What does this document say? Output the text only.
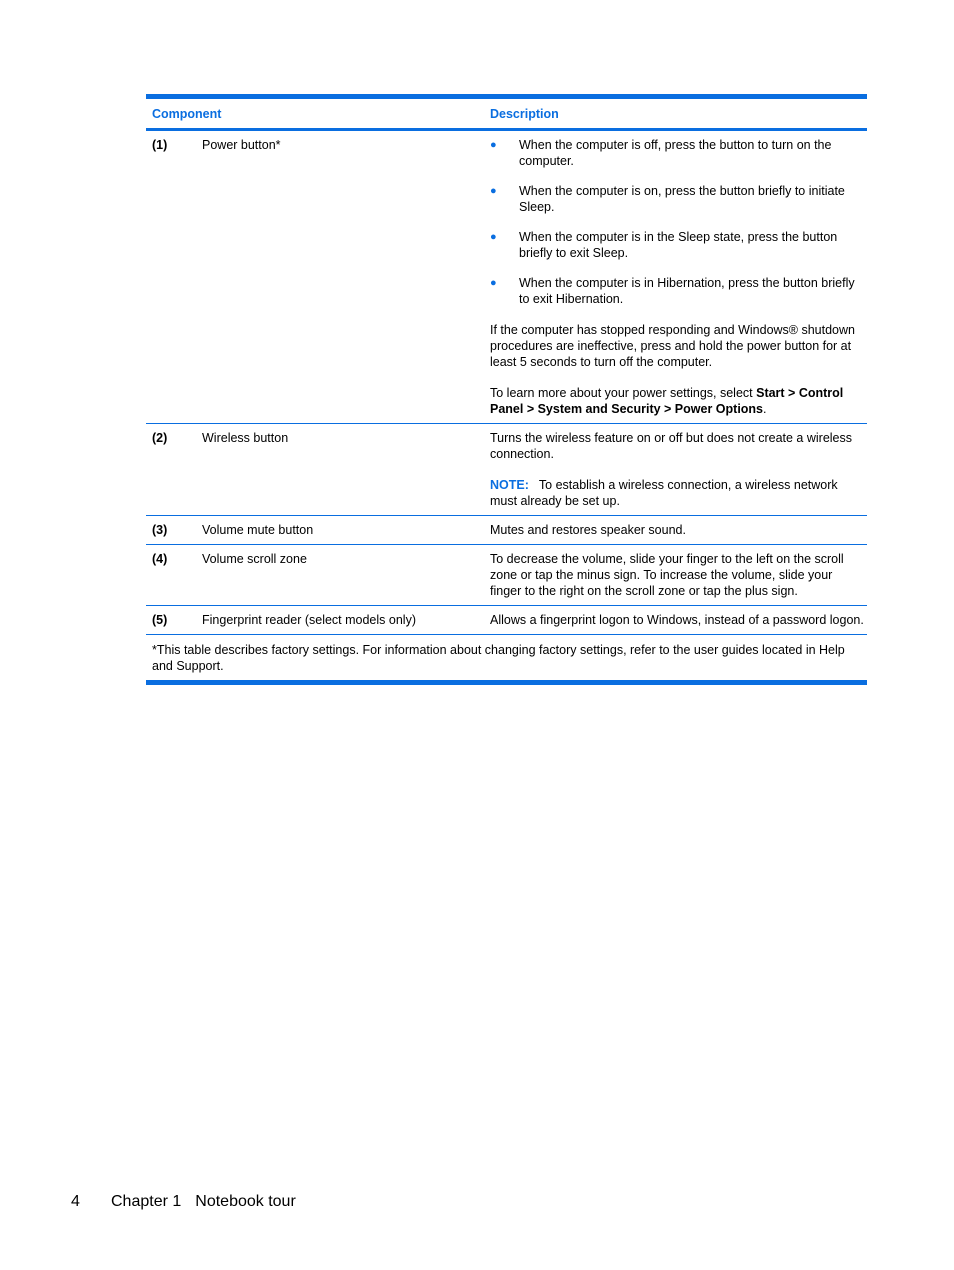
Component	Description
(1)	Power button*	●	When the computer is off, press the button to turn on the computer.
●	When the computer is on, press the button briefly to initiate Sleep.
●	When the computer is in the Sleep state, press the button briefly to exit Sleep.
●	When the computer is in Hibernation, press the button briefly to exit Hibernation.

If the computer has stopped responding and Windows® shutdown procedures are ineffective, press and hold the power button for at least 5 seconds to turn off the computer.

To learn more about your power settings, select Start > Control Panel > System and Security > Power Options.

(2)	Wireless button	Turns the wireless feature on or off but does not create a wireless connection.

NOTE: To establish a wireless connection, a wireless network must already be set up.

(3)	Volume mute button	Mutes and restores speaker sound.

(4)	Volume scroll zone	To decrease the volume, slide your finger to the left on the scroll zone or tap the minus sign. To increase the volume, slide your finger to the right on the scroll zone or tap the plus sign.

(5)	Fingerprint reader (select models only)	Allows a fingerprint logon to Windows, instead of a password logon.

*This table describes factory settings. For information about changing factory settings, refer to the user guides located in Help and Support.
4	Chapter 1 Notebook tour
